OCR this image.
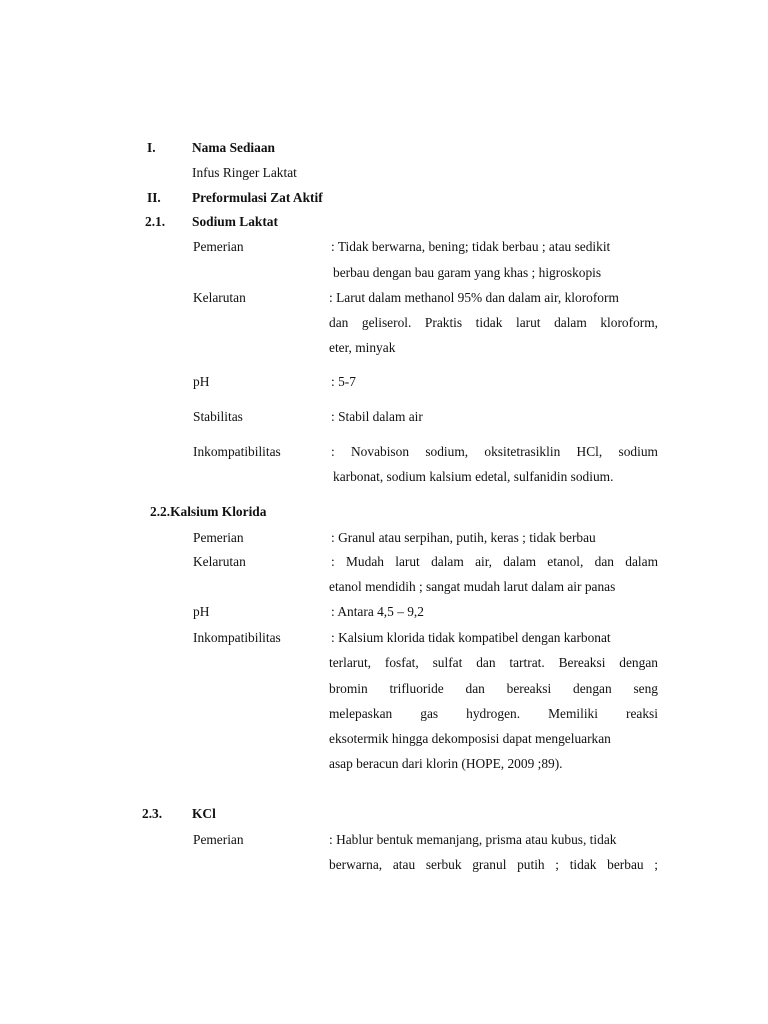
I.	Nama Sediaan
Infus Ringer Laktat
II. Preformulasi Zat Aktif
2.1. Sodium Laktat
Pemerian	: Tidak berwarna, bening; tidak berbau ; atau sedikit
berbau dengan bau garam yang khas ; higroskopis
Kelarutan	: Larut dalam methanol 95% dan dalam air, kloroform
dan geliserol. Praktis tidak larut dalam kloroform,
eter, minyak
pH	: 5-7
Stabilitas	: Stabil dalam air
Inkompatibilitas	: Novabison sodium, oksitetrasiklin HCl, sodium
karbonat, sodium kalsium edetal, sulfanidin sodium.
2.2.Kalsium Klorida
Pemerian	: Granul atau serpihan, putih, keras ; tidak berbau
Kelarutan	: Mudah larut dalam air, dalam etanol, dan dalam
etanol mendidih ; sangat mudah larut dalam air panas
pH	: Antara 4,5 – 9,2
Inkompatibilitas	: Kalsium klorida tidak kompatibel dengan karbonat
terlarut, fosfat, sulfat dan tartrat. Bereaksi dengan
bromin trifluoride dan bereaksi dengan seng
melepaskan gas hydrogen. Memiliki reaksi
eksotermik hingga dekomposisi dapat mengeluarkan
asap beracun dari klorin (HOPE, 2009 ;89).
2.3. KCl
Pemerian	: Hablur bentuk memanjang, prisma atau kubus, tidak
berwarna, atau serbuk granul putih ; tidak berbau ;
